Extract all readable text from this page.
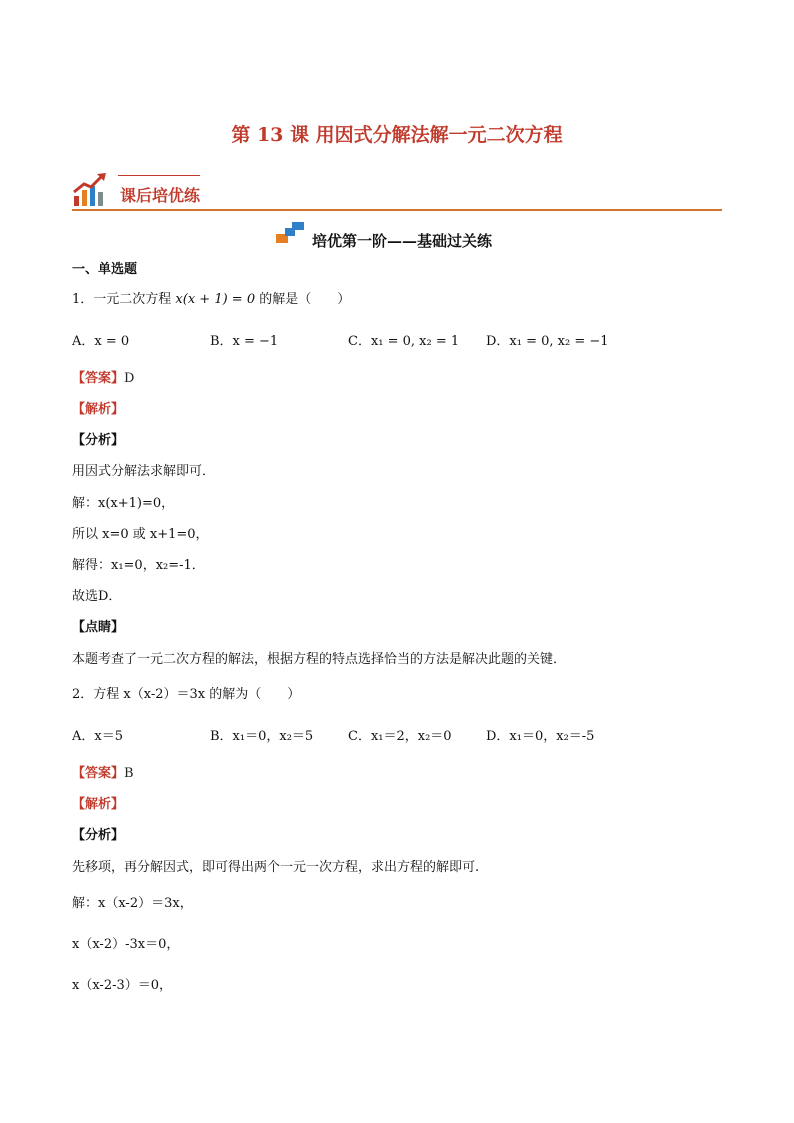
第 13 课 用因式分解法解一元二次方程
课后培优练
培优第一阶——基础过关练
一、单选题
1．一元二次方程 x(x + 1) = 0 的解是（　　）
A．x = 0	B．x = −1	C．x₁ = 0, x₂ = 1 D．x₁ = 0, x₂ = −1
【答案】D
【解析】
【分析】
用因式分解法求解即可．
解：x(x+1)=0，
所以 x=0 或 x+1=0，
解得：x₁=0，x₂=-1．
故选D．
【点睛】
本题考查了一元二次方程的解法，根据方程的特点选择恰当的方法是解决此题的关键．
2．方程 x（x-2）＝3x 的解为（　　）
A．x＝5	B．x₁＝0，x₂＝5	C．x₁＝2，x₂＝0	D．x₁＝0，x₂＝-5
【答案】B
【解析】
【分析】
先移项，再分解因式，即可得出两个一元一次方程，求出方程的解即可.
解：x（x-2）＝3x，
x（x-2）-3x＝0，
x（x-2-3）＝0，
